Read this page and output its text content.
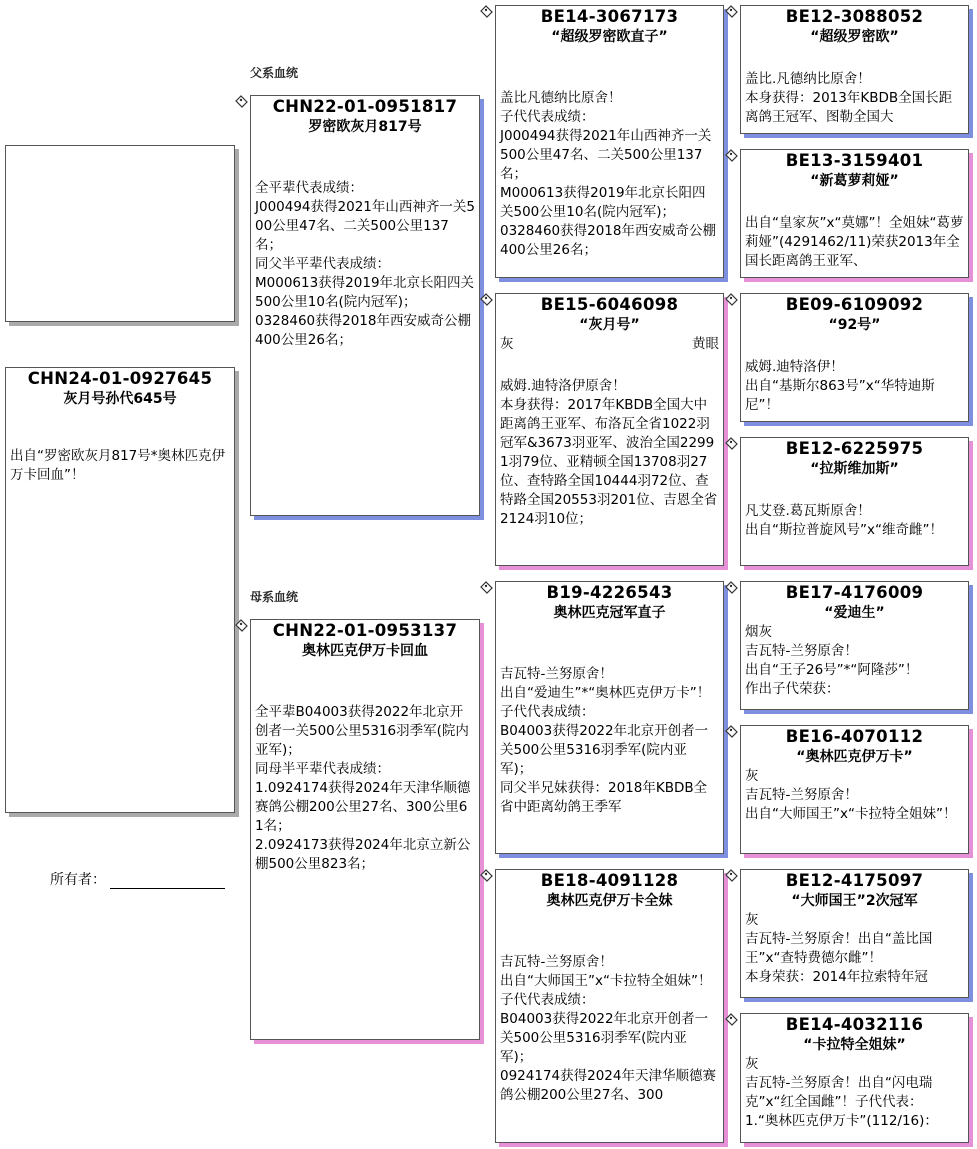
CHN24-01-0927645
灰月号孙代645号
出自“罗密欧灰月817号*奥林匹克伊万卡回血”！
所有者：
父系血统
母系血统
CHN22-01-0951817
罗密欧灰月817号
全平辈代表成绩：
J000494获得2021年山西神齐一关500公里47名、二关500公里137名；
同父半平辈代表成绩：
M000613获得2019年北京长阳四关500公里10名(院内冠军)；
0328460获得2018年西安威奇公棚400公里26名；
CHN22-01-0953137
奥林匹克伊万卡回血
全平辈B04003获得2022年北京开创者一关500公里5316羽季军(院内亚军)；
同母半平辈代表成绩：
1.0924174获得2024年天津华顺德赛鸽公棚200公里27名、300公里61名；
2.0924173获得2024年北京立新公棚500公里823名；
BE14-3067173
“超级罗密欧直子”
盖比凡德纳比原舍！
子代代表成绩：
J000494获得2021年山西神齐一关500公里47名、二关500公里137名；
M000613获得2019年北京长阳四关500公里10名(院内冠军)；
0328460获得2018年西安威奇公棚400公里26名；
BE15-6046098
“灰月号”
灰	黄眼
威姆.迪特洛伊原舍！
本身获得：2017年KBDB全国大中距离鸽王亚军、布洛瓦全省1022羽冠军&3673羽亚军、波治全国22991羽79位、亚精顿全国13708羽27位、查特路全国10444羽72位、查特路全国20553羽201位、吉恩全省2124羽10位；
B19-4226543
奥林匹克冠军直子
吉瓦特-兰努原舍！
出自“爱迪生”*“奥林匹克伊万卡”！
子代代表成绩：
B04003获得2022年北京开创者一关500公里5316羽季军(院内亚军)；
同父半兄妹获得：2018年KBDB全省中距离幼鸽王季军
BE18-4091128
奥林匹克伊万卡全妹
吉瓦特-兰努原舍！
出自“大师国王”x“卡拉特全姐妹”！
子代代表成绩：
B04003获得2022年北京开创者一关500公里5316羽季军(院内亚军)；
0924174获得2024年天津华顺德赛鸽公棚200公里27名、300
BE12-3088052
“超级罗密欧”
盖比.凡德纳比原舍！
本身获得：2013年KBDB全国长距离鸽王冠军、图勒全国大
BE13-3159401
“新葛萝莉娅”
出自“皇家灰”x“莫娜”！全姐妹“葛萝莉娅”(4291462/11)荣获2013年全国长距离鸽王亚军、
BE09-6109092
“92号”
威姆.迪特洛伊！
出自“基斯尔863号”x“华特迪斯尼”！
BE12-6225975
“拉斯维加斯”
凡艾登.葛瓦斯原舍！
出自“斯拉普旋风号”x“维奇雌”！
BE17-4176009
“爱迪生”
烟灰
吉瓦特-兰努原舍！
出自“王子26号”*“阿隆莎”！
作出子代荣获：
BE16-4070112
“奥林匹克伊万卡”
灰
吉瓦特-兰努原舍！
出自“大师国王”x“卡拉特全姐妹”！
BE12-4175097
“大师国王”2次冠军
灰
吉瓦特-兰努原舍！出自“盖比国王”x“查特费德尔雌”！
本身荣获：2014年拉索特年冠
BE14-4032116
“卡拉特全姐妹”
灰
吉瓦特-兰努原舍！出自“闪电瑞克”x“红全国雌”！子代代表：
1.“奥林匹克伊万卡”(112/16)：
